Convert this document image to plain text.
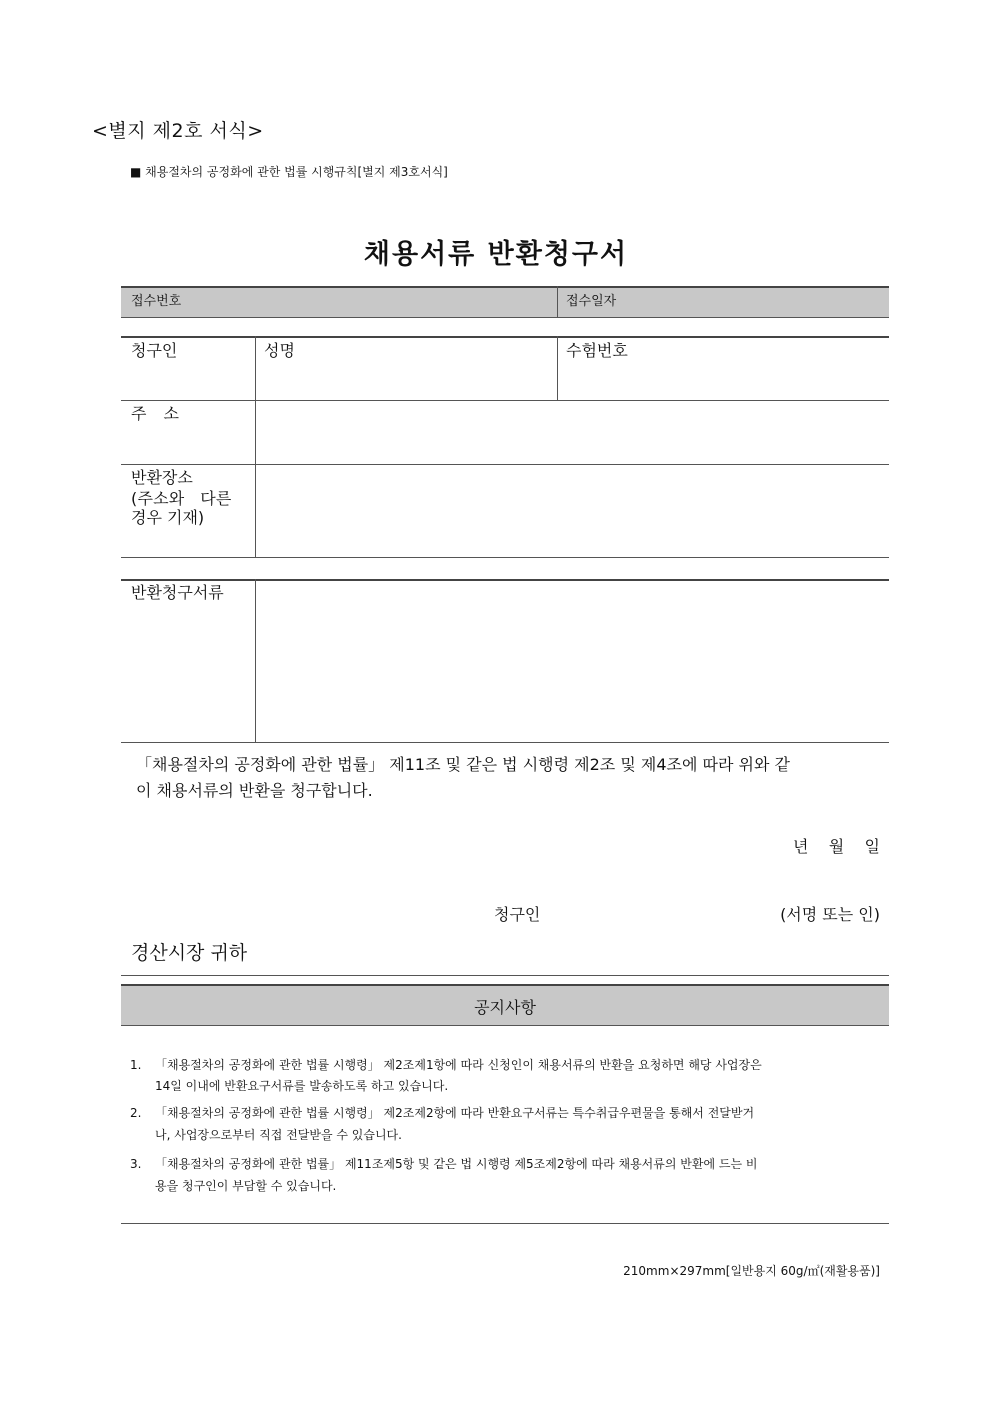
<별지 제2호 서식>
■ 채용절차의 공정화에 관한 법률 시행규칙[별지 제3호서식]
채용서류 반환청구서
접수번호	접수일자
청구인	성명	수험번호
주 소
반환장소
(주소와   다른
경우 기재)
반환청구서류
「채용절차의 공정화에 관한 법률」 제11조 및 같은 법 시행령 제2조 및 제4조에 따라 위와 같
이 채용서류의 반환을 청구합니다.
년    월    일
청구인	(서명 또는 인)
경산시장 귀하
공지사항
1. 「채용절차의 공정화에 관한 법률 시행령」 제2조제1항에 따라 신청인이 채용서류의 반환을 요청하면 해당 사업장은
14일 이내에 반환요구서류를 발송하도록 하고 있습니다.
2. 「채용절차의 공정화에 관한 법률 시행령」 제2조제2항에 따라 반환요구서류는 특수취급우편물을 통해서 전달받거
나, 사업장으로부터 직접 전달받을 수 있습니다.
3. 「채용절차의 공정화에 관한 법률」 제11조제5항 및 같은 법 시행령 제5조제2항에 따라 채용서류의 반환에 드는 비
용을 청구인이 부담할 수 있습니다.
210mm×297mm[일반용지 60g/㎡(재활용품)]
